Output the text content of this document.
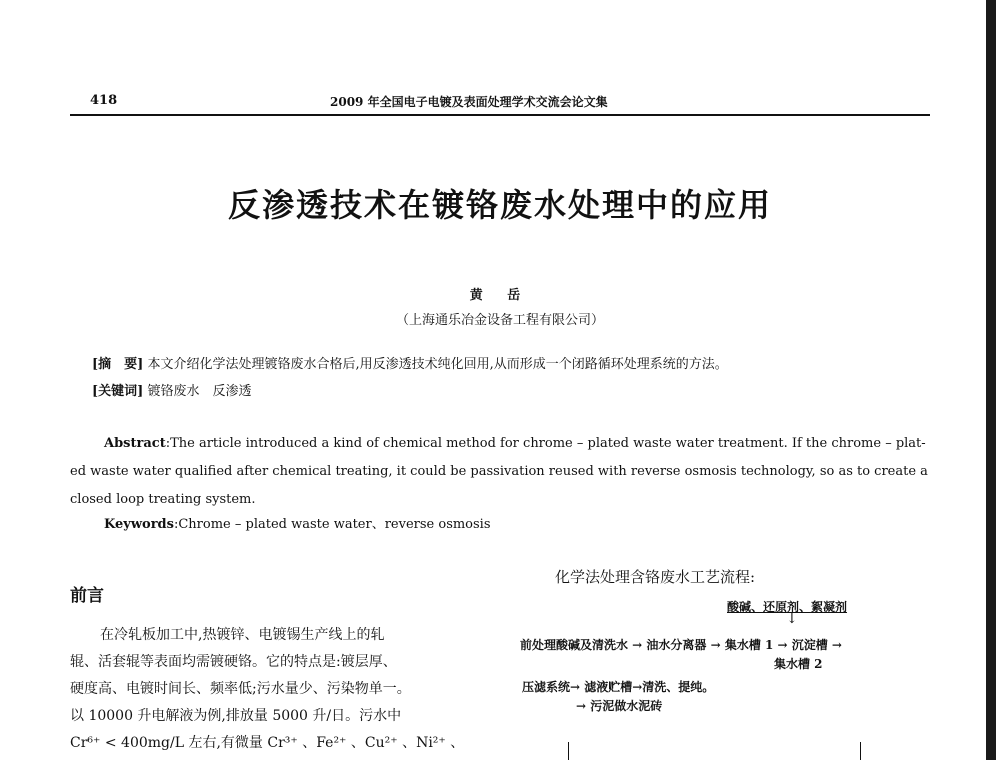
418	2009 年全国电子电镀及表面处理学术交流会论文集
反渗透技术在镀铬废水处理中的应用
黄 岳
（上海通乐冶金设备工程有限公司）
[摘　要] 本文介绍化学法处理镀铬废水合格后,用反渗透技术纯化回用,从而形成一个闭路循环处理系统的方法。
[关键词] 镀铬废水　反渗透
Abstract:The article introduced a kind of chemical method for chrome – plated waste water treatment. If the chrome – plat-
ed waste water qualified after chemical treating, it could be passivation reused with reverse osmosis technology, so as to create a
closed loop treating system.
Keywords:Chrome – plated waste water、reverse osmosis
前言
在冷轧板加工中,热镀锌、电镀锡生产线上的轧
辊、活套辊等表面均需镀硬铬。它的特点是:镀层厚、
硬度高、电镀时间长、频率低;污水量少、污染物单一。
以 10000 升电解液为例,排放量 5000 升/日。污水中
Cr⁶⁺ < 400mg/L 左右,有微量 Cr³⁺ 、Fe²⁺ 、Cu²⁺ 、Ni²⁺ 、
化学法处理含铬废水工艺流程:
酸碱、还原剂、絮凝剂
↓
前处理酸碱及清洗水 → 油水分离器 → 集水槽 1 → 沉淀槽 →
集水槽 2
压滤系统→ 滤液贮槽→清洗、提纯。
→ 污泥做水泥砖
